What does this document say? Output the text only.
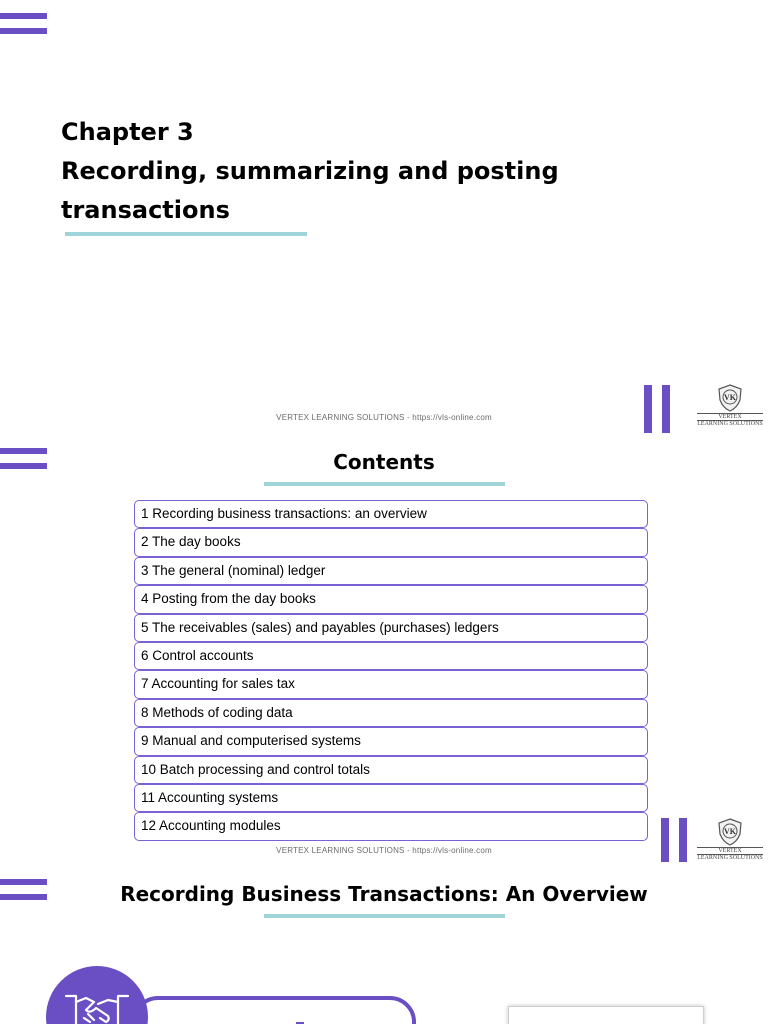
Chapter 3
Recording, summarizing and posting
transactions
VERTEX LEARNING SOLUTIONS - https://vls-online.com
VK
VERTEX
LEARNING SOLUTIONS
Contents
1 Recording business transactions: an overview
2 The day books
3 The general (nominal) ledger
4 Posting from the day books
5 The receivables (sales) and payables (purchases) ledgers
6 Control accounts
7 Accounting for sales tax
8 Methods of coding data
9 Manual and computerised systems
10 Batch processing and control totals
11 Accounting systems
12 Accounting modules
VERTEX LEARNING SOLUTIONS - https://vls-online.com
VK
VERTEX
LEARNING SOLUTIONS
Recording Business Transactions: An Overview
